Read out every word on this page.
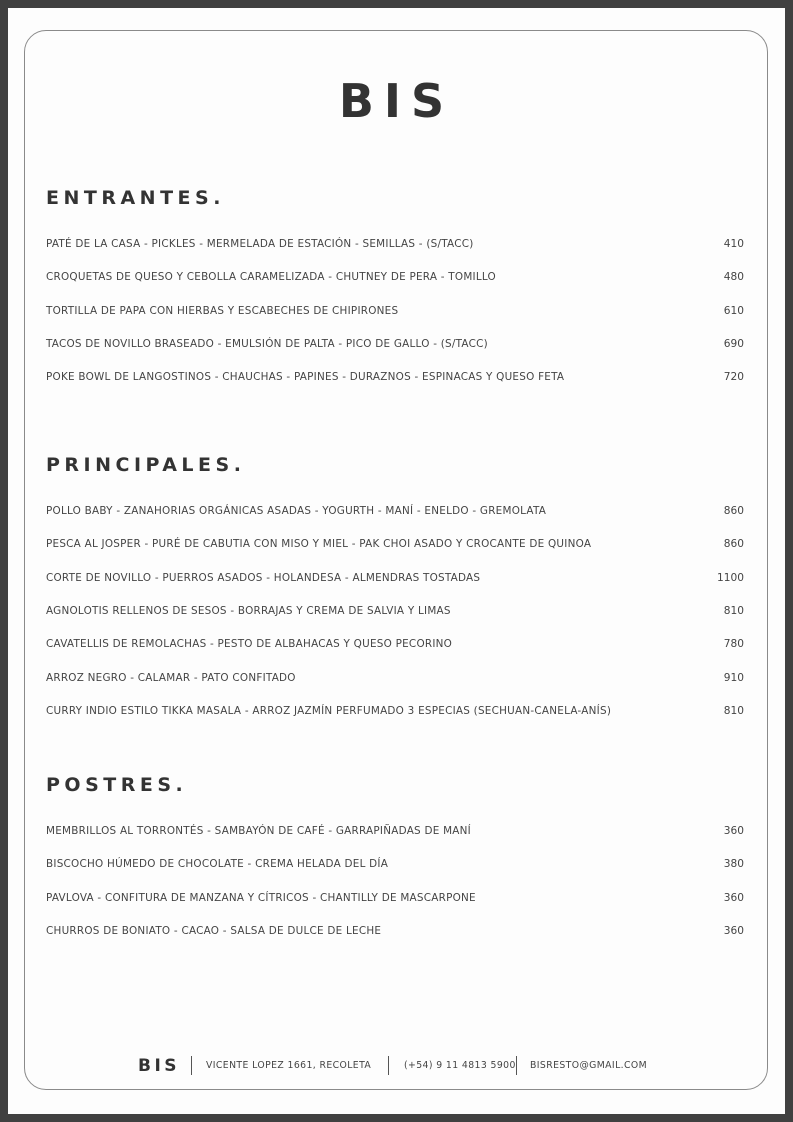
BIS
ENTRANTES.
PATÉ DE LA CASA - PICKLES - MERMELADA DE ESTACIÓN - SEMILLAS - (S/TACC)	410
CROQUETAS DE QUESO Y CEBOLLA CARAMELIZADA - CHUTNEY DE PERA - TOMILLO	480
TORTILLA DE PAPA CON HIERBAS Y ESCABECHES DE CHIPIRONES	610
TACOS DE NOVILLO BRASEADO - EMULSIÓN DE PALTA - PICO DE GALLO - (S/TACC)	690
POKE BOWL DE LANGOSTINOS - CHAUCHAS - PAPINES - DURAZNOS - ESPINACAS Y QUESO FETA	720
PRINCIPALES.
POLLO BABY - ZANAHORIAS ORGÁNICAS ASADAS - YOGURTH - MANÍ - ENELDO - GREMOLATA	860
PESCA AL JOSPER - PURÉ DE CABUTIA CON MISO Y MIEL - PAK CHOI ASADO Y CROCANTE DE QUINOA	860
CORTE DE NOVILLO - PUERROS ASADOS - HOLANDESA - ALMENDRAS TOSTADAS	1100
AGNOLOTIS RELLENOS DE SESOS - BORRAJAS Y CREMA DE SALVIA Y LIMAS	810
CAVATELLIS DE REMOLACHAS - PESTO DE ALBAHACAS Y QUESO PECORINO	780
ARROZ NEGRO - CALAMAR - PATO CONFITADO	910
CURRY INDIO ESTILO TIKKA MASALA - ARROZ JAZMÍN PERFUMADO 3 ESPECIAS (SECHUAN-CANELA-ANÍS)	810
POSTRES.
MEMBRILLOS AL TORRONTÉS - SAMBAYÓN DE CAFÉ - GARRAPIÑADAS DE MANÍ	360
BISCOCHO HÚMEDO DE CHOCOLATE - CREMA HELADA DEL DÍA	380
PAVLOVA - CONFITURA DE MANZANA Y CÍTRICOS - CHANTILLY DE MASCARPONE	360
CHURROS DE BONIATO - CACAO - SALSA DE DULCE DE LECHE	360
BIS	VICENTE LOPEZ 1661, RECOLETA	(+54) 9 11 4813 5900 BISRESTO@GMAIL.COM
